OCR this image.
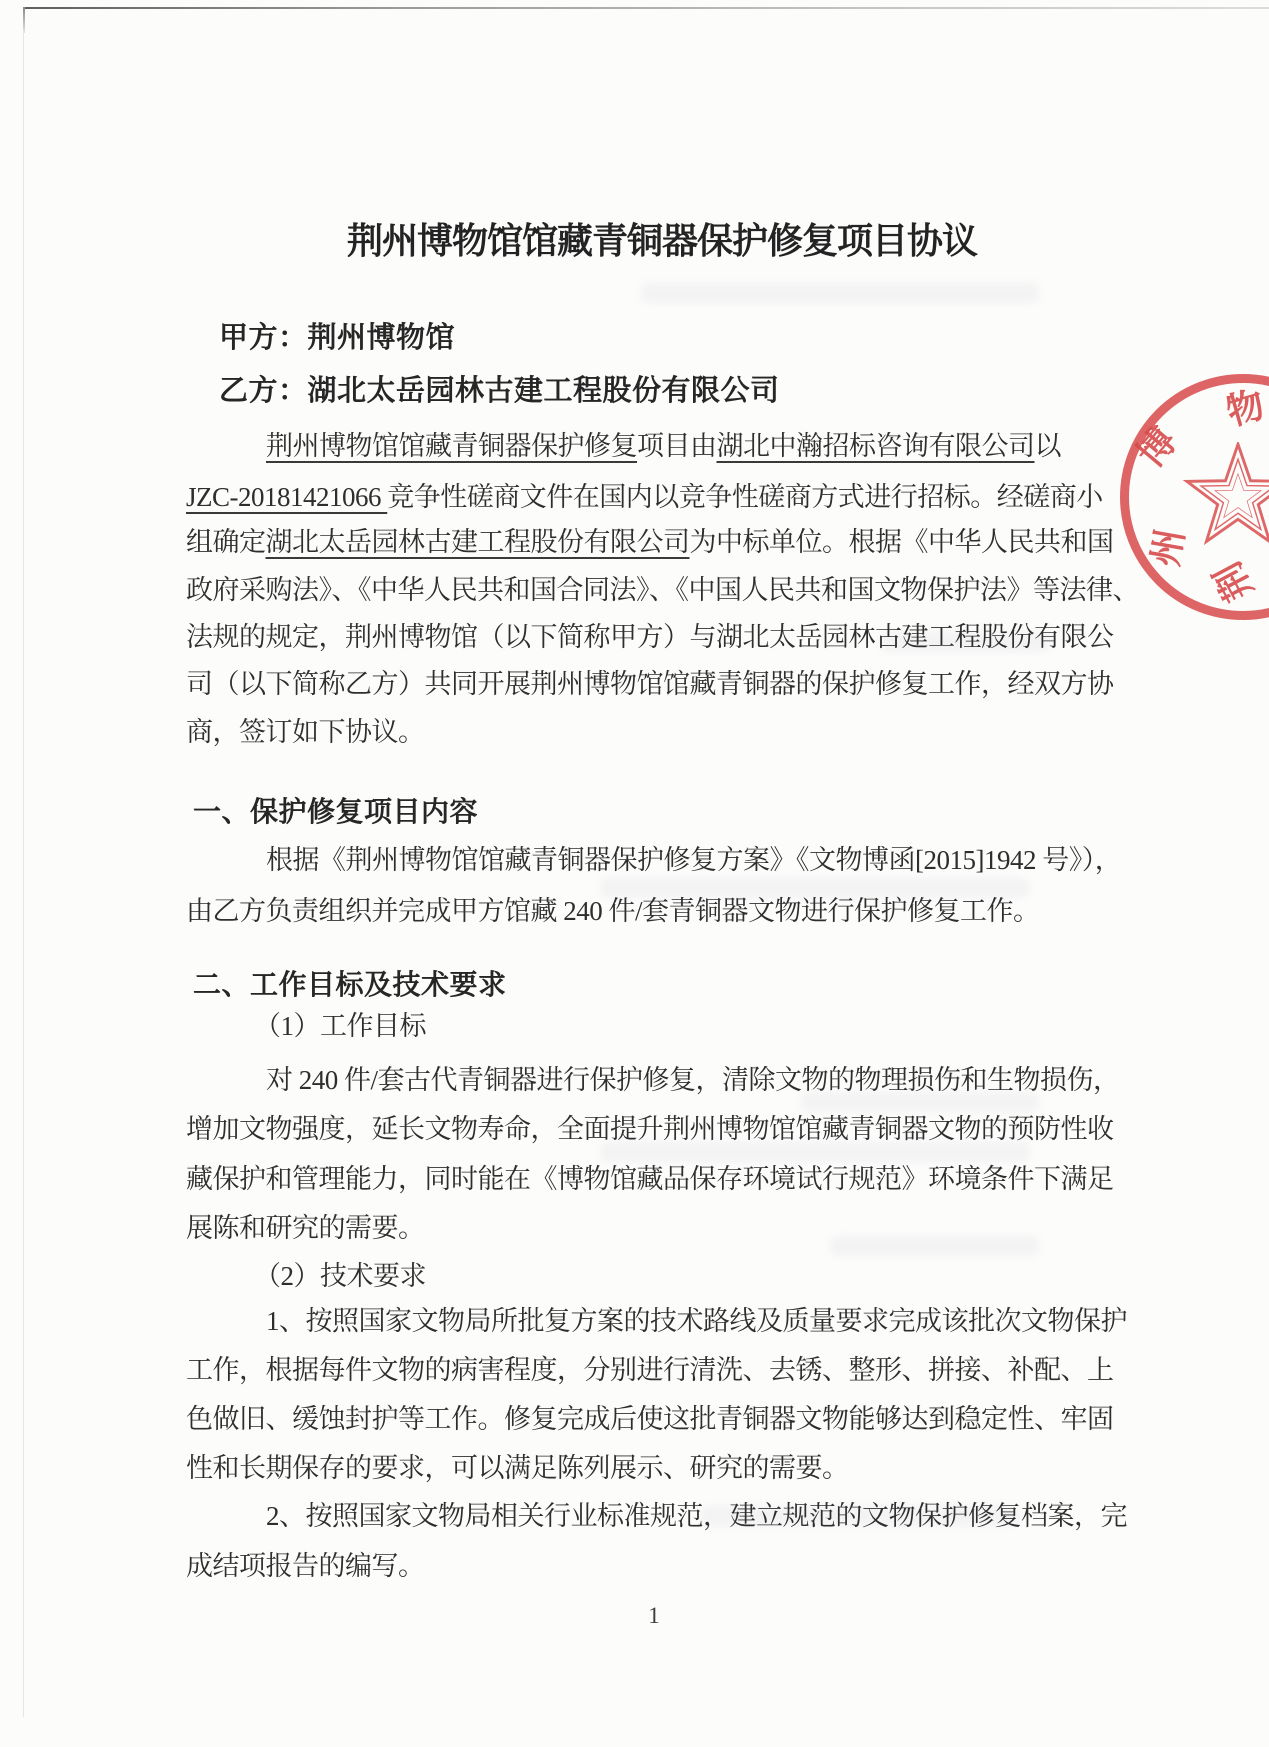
荆州博物馆馆藏青铜器保护修复项目协议
甲方：荆州博物馆
乙方：湖北太岳园林古建工程股份有限公司
荆州博物馆馆藏青铜器保护修复项目由湖北中瀚招标咨询有限公司以
JZC-20181421066 竞争性磋商文件在国内以竞争性磋商方式进行招标。经磋商小
组确定湖北太岳园林古建工程股份有限公司为中标单位。根据《中华人民共和国
政府采购法》、《中华人民共和国合同法》、《中国人民共和国文物保护法》等法律、
法规的规定，荆州博物馆（以下简称甲方）与湖北太岳园林古建工程股份有限公
司（以下简称乙方）共同开展荆州博物馆馆藏青铜器的保护修复工作，经双方协
商，签订如下协议。
一、保护修复项目内容
根据《荆州博物馆馆藏青铜器保护修复方案》《文物博函[2015]1942 号》），
由乙方负责组织并完成甲方馆藏 240 件/套青铜器文物进行保护修复工作。
二、工作目标及技术要求
（1）工作目标
对 240 件/套古代青铜器进行保护修复，清除文物的物理损伤和生物损伤，
增加文物强度，延长文物寿命，全面提升荆州博物馆馆藏青铜器文物的预防性收
藏保护和管理能力，同时能在《博物馆藏品保存环境试行规范》环境条件下满足
展陈和研究的需要。
（2）技术要求
1、按照国家文物局所批复方案的技术路线及质量要求完成该批次文物保护
工作，根据每件文物的病害程度，分别进行清洗、去锈、整形、拼接、补配、上
色做旧、缓蚀封护等工作。修复完成后使这批青铜器文物能够达到稳定性、牢固
性和长期保存的要求，可以满足陈列展示、研究的需要。
2、按照国家文物局相关行业标准规范，建立规范的文物保护修复档案，完
成结项报告的编写。
1
博
物
州
荆
